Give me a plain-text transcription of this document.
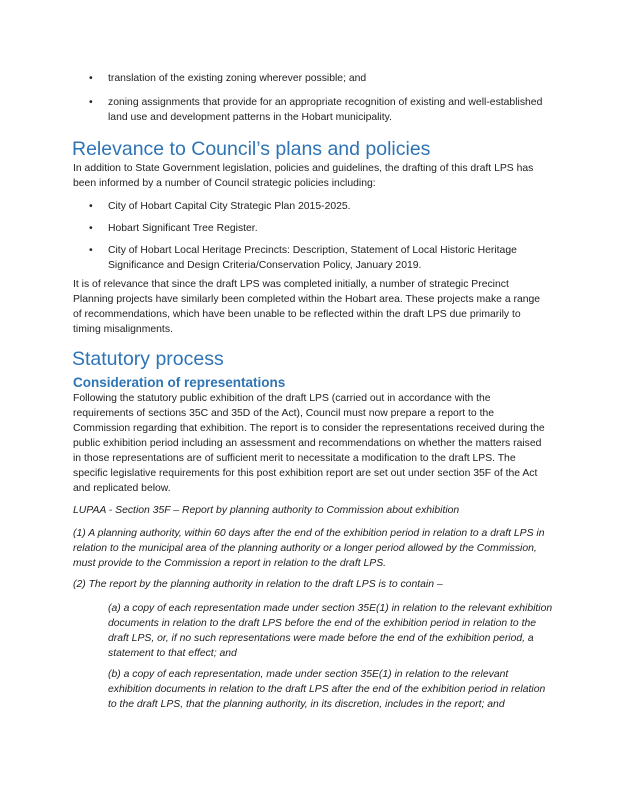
•	translation of the existing zoning wherever possible; and

•	zoning assignments that provide for an appropriate recognition of existing and well-established land use and development patterns in the Hobart municipality.

Relevance to Council’s plans and policies

In addition to State Government legislation, policies and guidelines, the drafting of this draft LPS has been informed by a number of Council strategic policies including:

•	City of Hobart Capital City Strategic Plan 2015-2025.

•	Hobart Significant Tree Register.

•	City of Hobart Local Heritage Precincts: Description, Statement of Local Historic Heritage Significance and Design Criteria/Conservation Policy, January 2019.

It is of relevance that since the draft LPS was completed initially, a number of strategic Precinct Planning projects have similarly been completed within the Hobart area. These projects make a range of recommendations, which have been unable to be reflected within the draft LPS due primarily to timing misalignments.

Statutory process
Consideration of representations

Following the statutory public exhibition of the draft LPS (carried out in accordance with the requirements of sections 35C and 35D of the Act), Council must now prepare a report to the Commission regarding that exhibition. The report is to consider the representations received during the public exhibition period including an assessment and recommendations on whether the matters raised in those representations are of sufficient merit to necessitate a modification to the draft LPS. The specific legislative requirements for this post exhibition report are set out under section 35F of the Act and replicated below.

LUPAA - Section 35F – Report by planning authority to Commission about exhibition

(1) A planning authority, within 60 days after the end of the exhibition period in relation to a draft LPS in relation to the municipal area of the planning authority or a longer period allowed by the Commission, must provide to the Commission a report in relation to the draft LPS.

(2) The report by the planning authority in relation to the draft LPS is to contain –

(a) a copy of each representation made under section 35E(1) in relation to the relevant exhibition documents in relation to the draft LPS before the end of the exhibition period in relation to the draft LPS, or, if no such representations were made before the end of the exhibition period, a statement to that effect; and

(b) a copy of each representation, made under section 35E(1) in relation to the relevant exhibition documents in relation to the draft LPS after the end of the exhibition period in relation to the draft LPS, that the planning authority, in its discretion, includes in the report; and
